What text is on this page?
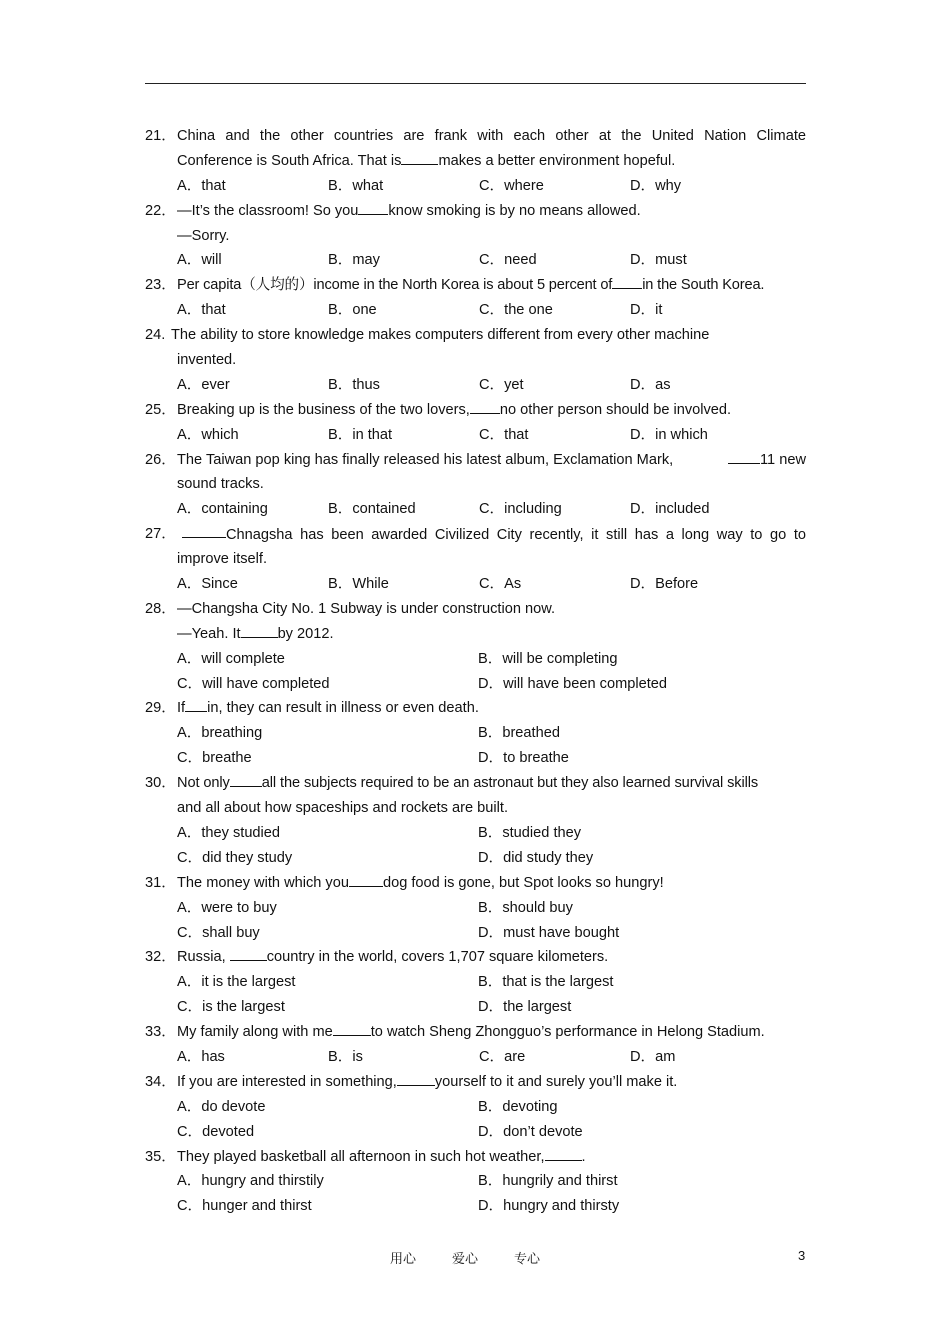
21． China and the other countries are frank with each other at the United Nation Climate
Conference is South Africa. That is	makes a better environment hopeful.
A．that	B．what	C．where	D．why
22． —It’s the classroom! So you know smoking is by no means allowed.
—Sorry.
A．will	B．may	C．need	D．must
23． Per capita（人均的）income in the North Korea is about 5 percent of in the South Korea.
A．that	B．one	C．the one	D．it
24. The ability to store knowledge makes computers different from every other machine
invented.
A．ever	B．thus	C．yet	D．as
25． Breaking up is the business of the two lovers, no other person should be involved.
A．which	B．in that	C．that	D．in which
26． The Taiwan pop king has finally released his latest album, Exclamation Mark,	11 new
sound tracks.
A．containing	B．contained	C．including	D．included
27．	Chnagsha has been awarded Civilized City recently, it still has a long way to go to
improve itself.
A．Since	B．While	C．As	D．Before
28． —Changsha City No. 1 Subway is under construction now.
—Yeah. It	by 2012.
A．will complete	B．will be completing
C．will have completed	D．will have been completed
29． If in, they can result in illness or even death.
A．breathing	B．breathed
C．breathe	D．to breathe
30． Not only all the subjects required to be an astronaut but they also learned survival skills
and all about how spaceships and rockets are built.
A．they studied	B．studied they
C．did they study	D．did study they
31． The money with which you dog food is gone, but Spot looks so hungry!
A．were to buy	B．should buy
C．shall buy	D．must have bought
32． Russia,	country in the world, covers 1,707 square kilometers.
A．it is the largest	B．that is the largest
C．is the largest	D．the largest
33． My family along with me	to watch Sheng Zhongguo’s performance in Helong Stadium.
A．has	B．is	C．are	D．am
34． If you are interested in something,	yourself to it and surely you’ll make it.
A．do devote	B．devoting
C．devoted	D．don’t devote
35． They played basketball all afternoon in such hot weather,	.
A．hungry and thirstily	B．hungrily and thirst
C．hunger and thirst	D．hungry and thirsty
用心	爱心	专心	3
